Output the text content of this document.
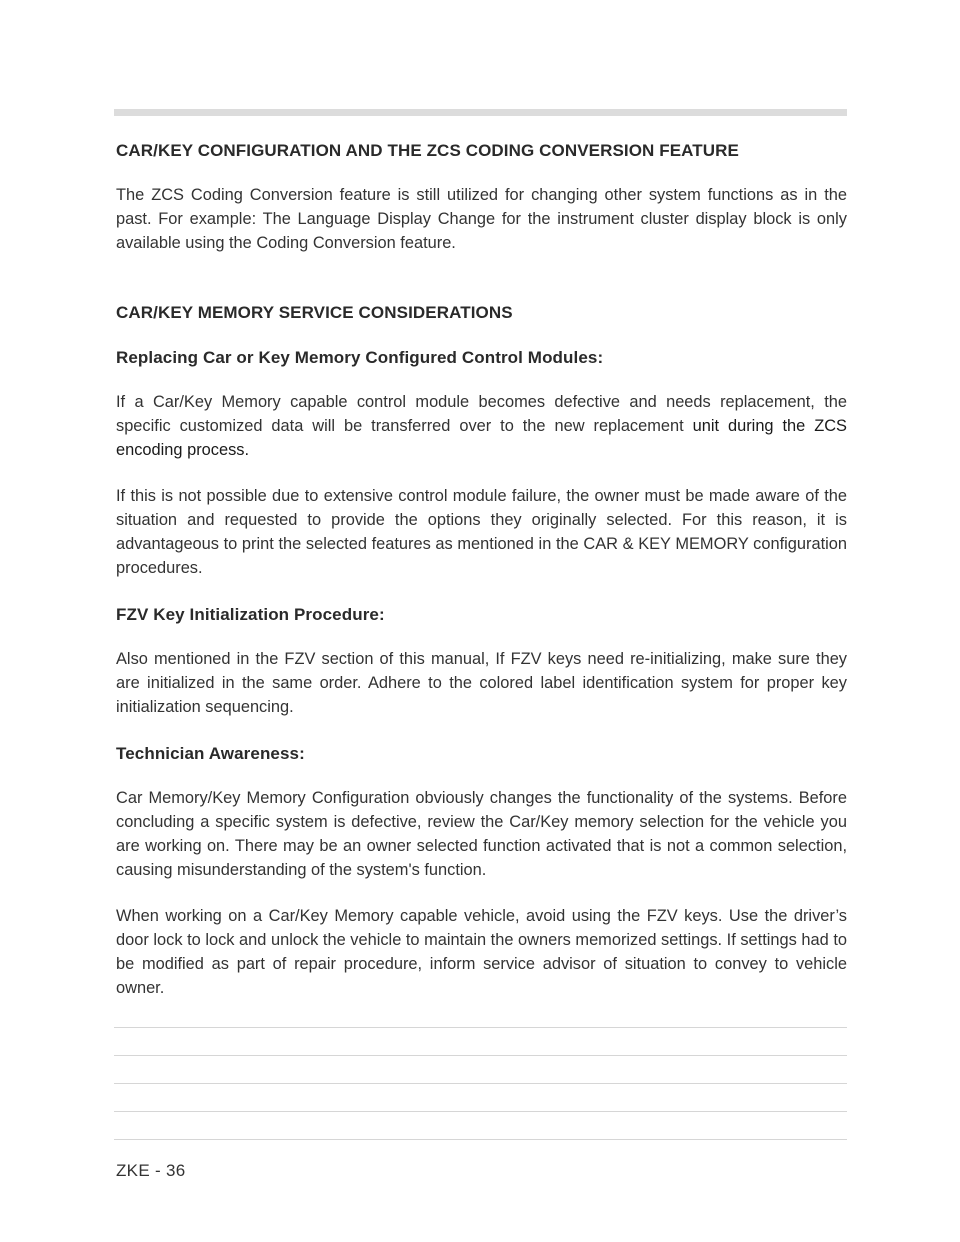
CAR/KEY CONFIGURATION AND THE ZCS CODING CONVERSION FEATURE

The ZCS Coding Conversion feature is still utilized for changing other system functions as in the past. For example: The Language Display Change for the instrument cluster display block is only available using the Coding Conversion feature.

CAR/KEY MEMORY SERVICE CONSIDERATIONS
Replacing Car or Key Memory Configured Control Modules:

If a Car/Key Memory capable control module becomes defective and needs replacement, the specific customized data will be transferred over to the new replacement unit during the ZCS encoding process.

If this is not possible due to extensive control module failure, the owner must be made aware of the situation and requested to provide the options they originally selected. For this reason, it is advantageous to print the selected features as mentioned in the CAR & KEY MEMORY configuration procedures.

FZV Key Initialization Procedure:

Also mentioned in the FZV section of this manual, If FZV keys need re-initializing, make sure they are initialized in the same order. Adhere to the colored label identification system for proper key initialization sequencing.

Technician Awareness:

Car Memory/Key Memory Configuration obviously changes the functionality of the systems. Before concluding a specific system is defective, review the Car/Key memory selection for the vehicle you are working on. There may be an owner selected function activated that is not a common selection, causing misunderstanding of the system's function.

When working on a Car/Key Memory capable vehicle, avoid using the FZV keys. Use the driver’s door lock to lock and unlock the vehicle to maintain the owners memorized settings. If settings had to be modified as part of repair procedure, inform service advisor of situation to convey to vehicle owner.

ZKE - 36
